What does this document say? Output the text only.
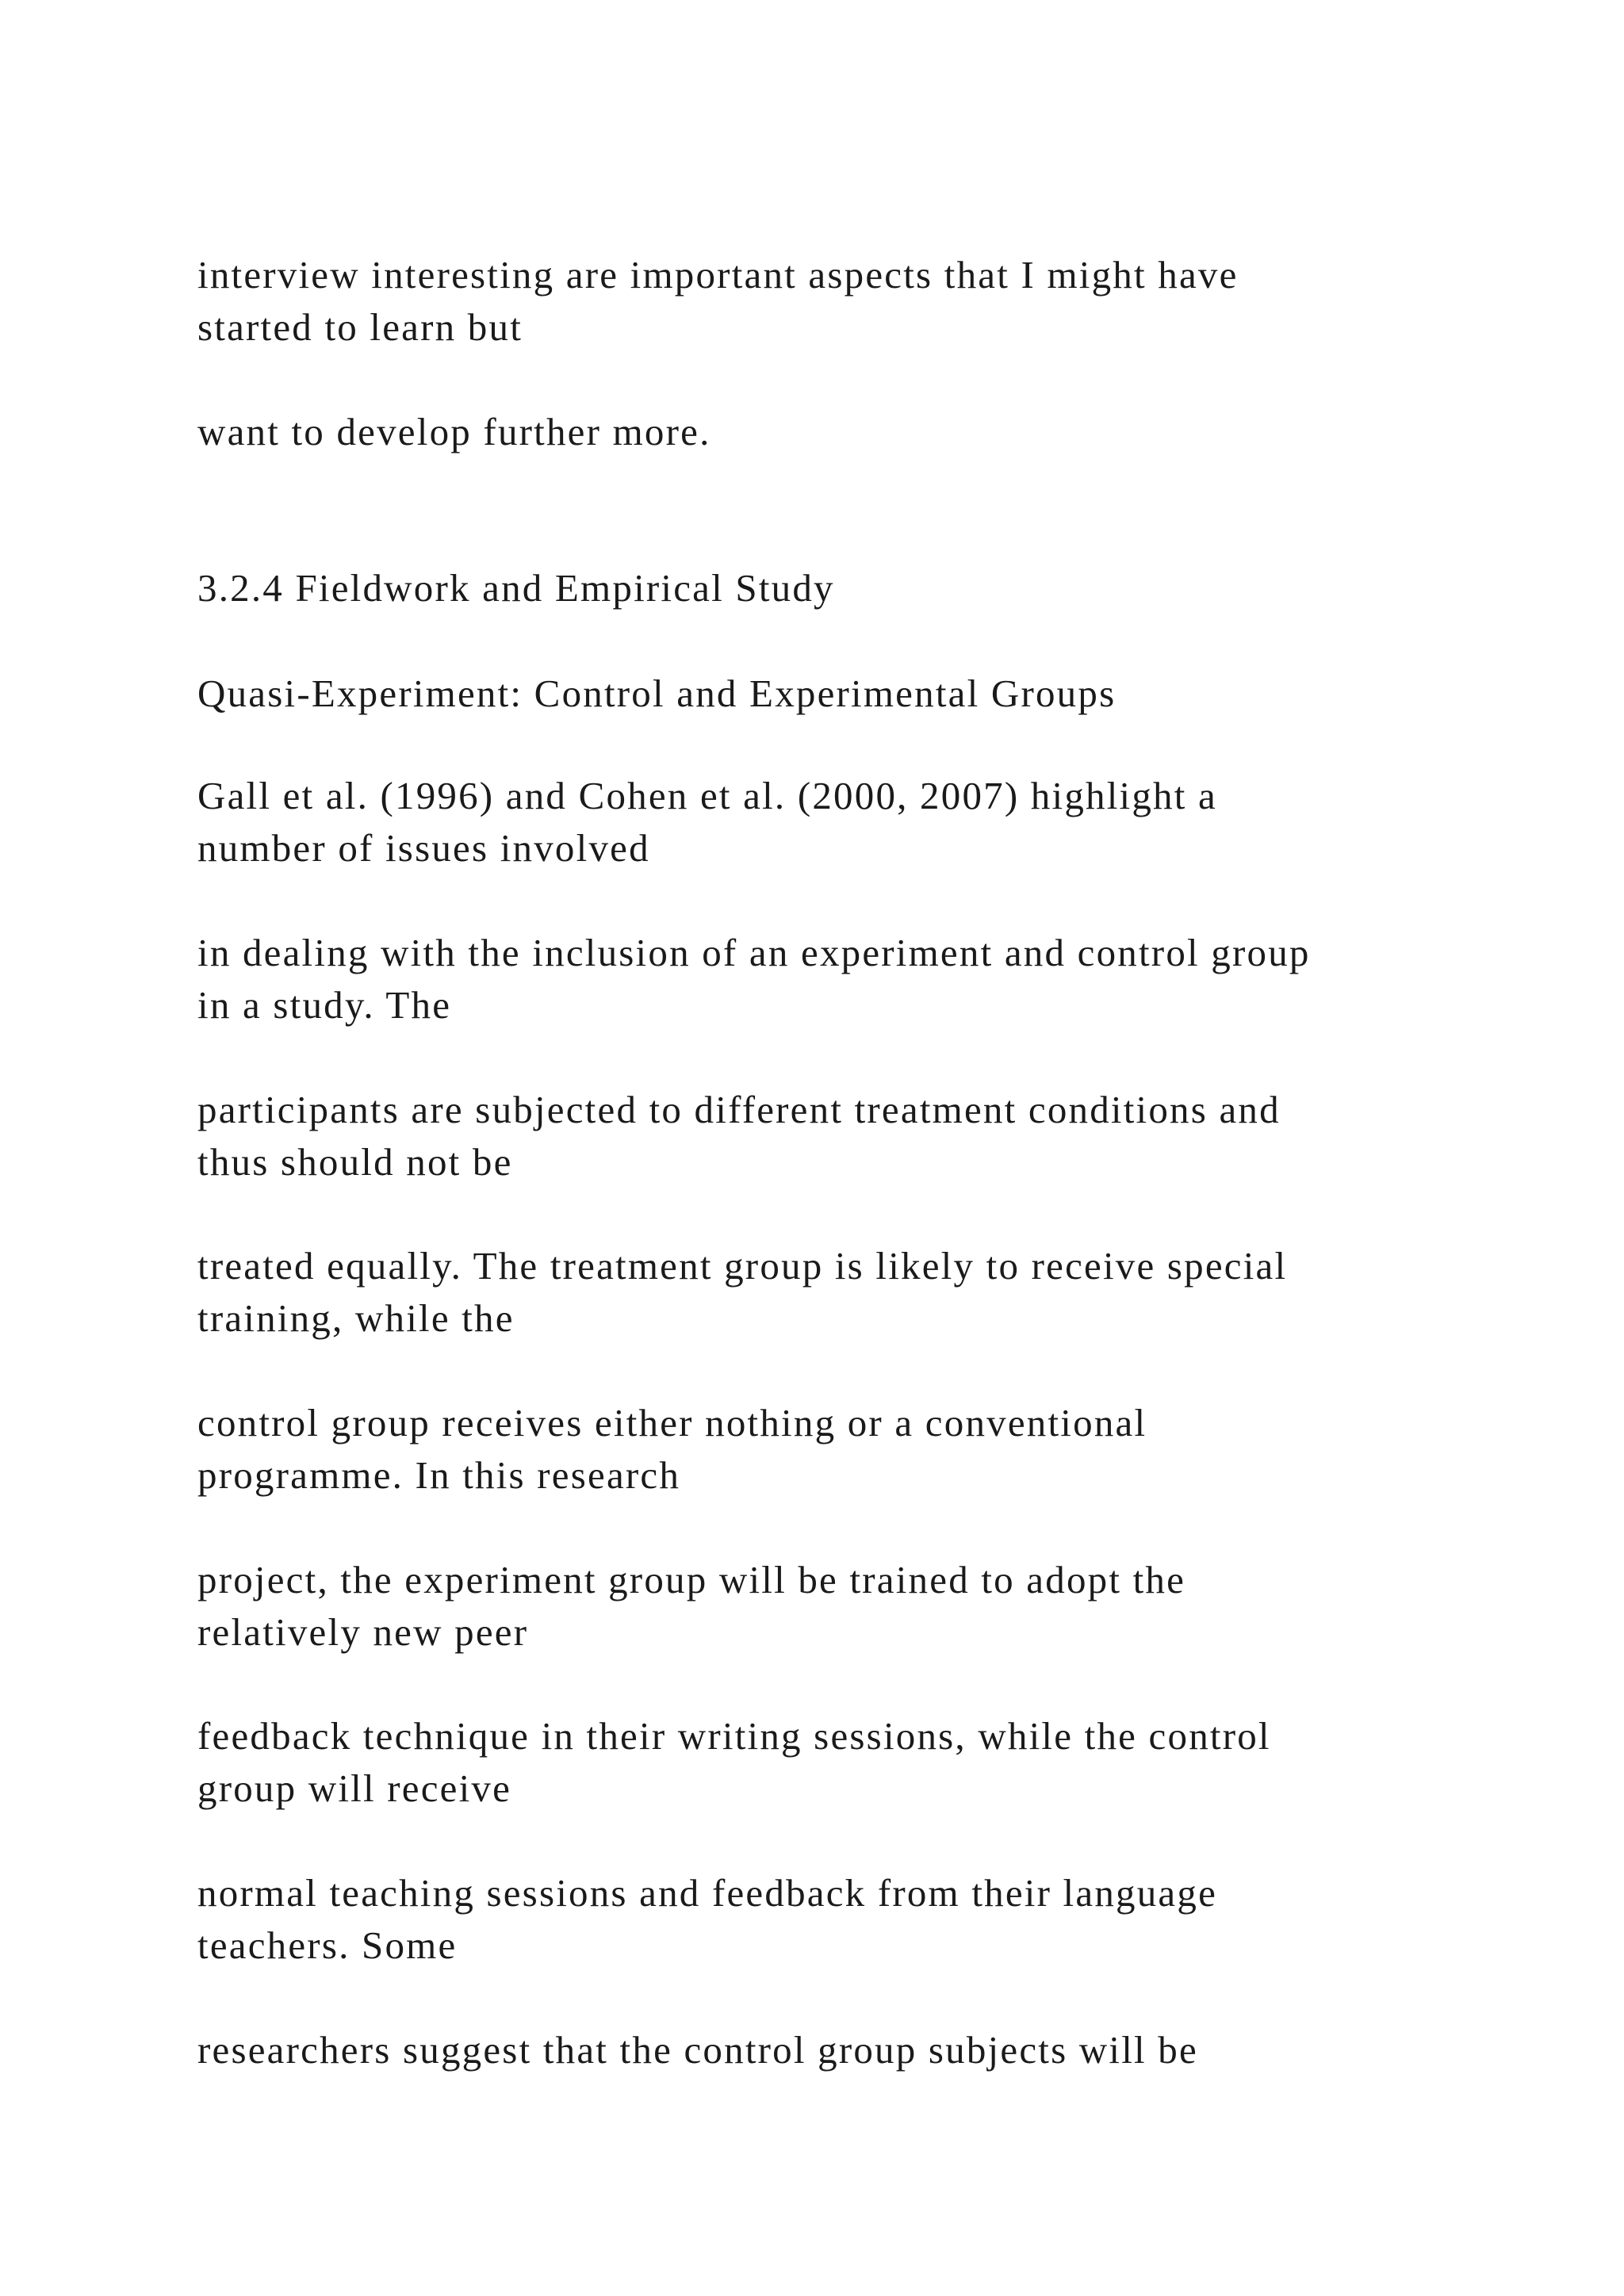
interview interesting are important aspects that I might have
started to learn but

want to develop further more.

3.2.4 Fieldwork and Empirical Study

Quasi-Experiment: Control and Experimental Groups

Gall et al. (1996) and Cohen et al. (2000, 2007) highlight a
number of issues involved

in dealing with the inclusion of an experiment and control group
in a study. The

participants are subjected to different treatment conditions and
thus should not be

treated equally. The treatment group is likely to receive special
training, while the

control group receives either nothing or a conventional
programme. In this research

project, the experiment group will be trained to adopt the
relatively new peer

feedback technique in their writing sessions, while the control
group will receive

normal teaching sessions and feedback from their language
teachers. Some

researchers suggest that the control group subjects will be
